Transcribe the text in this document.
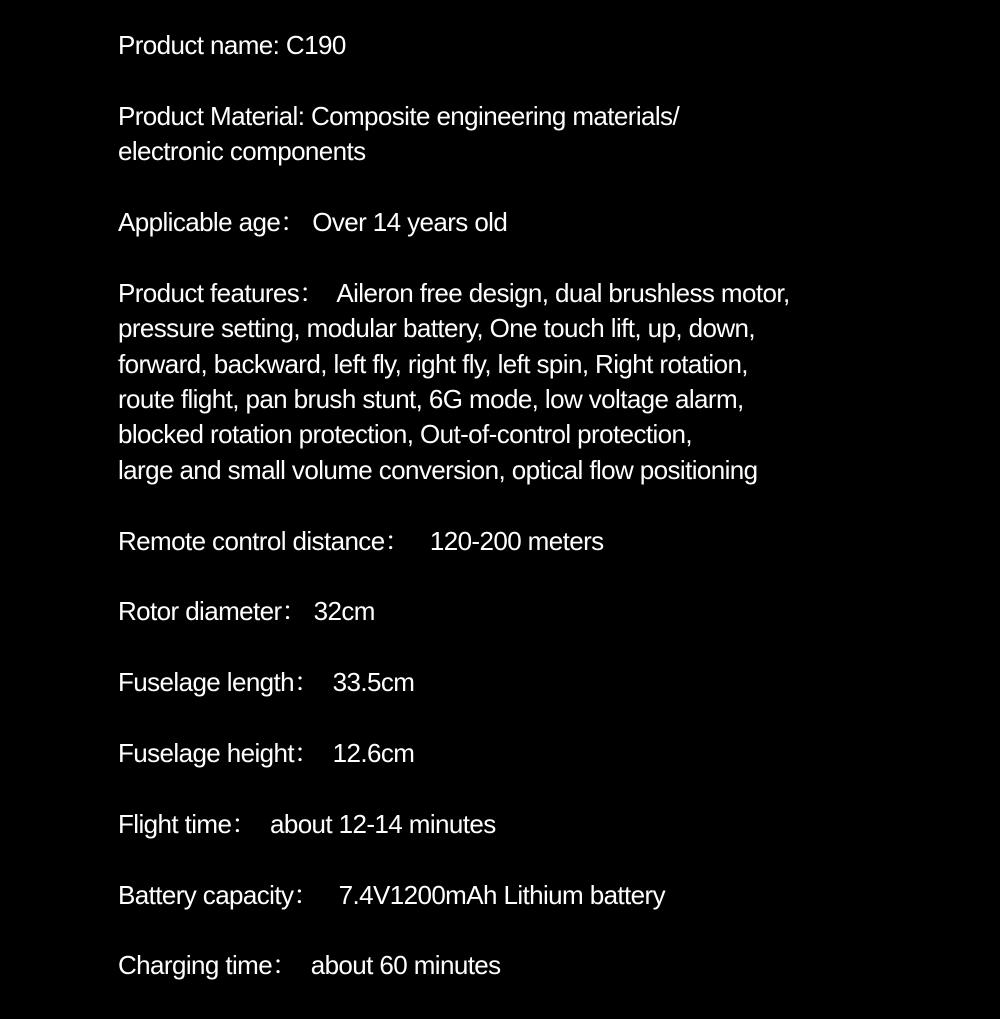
Product name: C190
Product Material: Composite engineering materials/
electronic components
Applicable age： Over 14 years old
Product features：  Aileron free design, dual brushless motor,
pressure setting, modular battery, One touch lift, up, down,
forward, backward, left fly, right fly, left spin, Right rotation,
route flight, pan brush stunt, 6G mode, low voltage alarm,
blocked rotation protection, Out-of-control protection,
large and small volume conversion, optical flow positioning
Remote control distance：   120-200 meters
Rotor diameter： 32cm
Fuselage length：  33.5cm
Fuselage height：  12.6cm
Flight time：  about 12-14 minutes
Battery capacity：   7.4V1200mAh Lithium battery
Charging time：  about 60 minutes
